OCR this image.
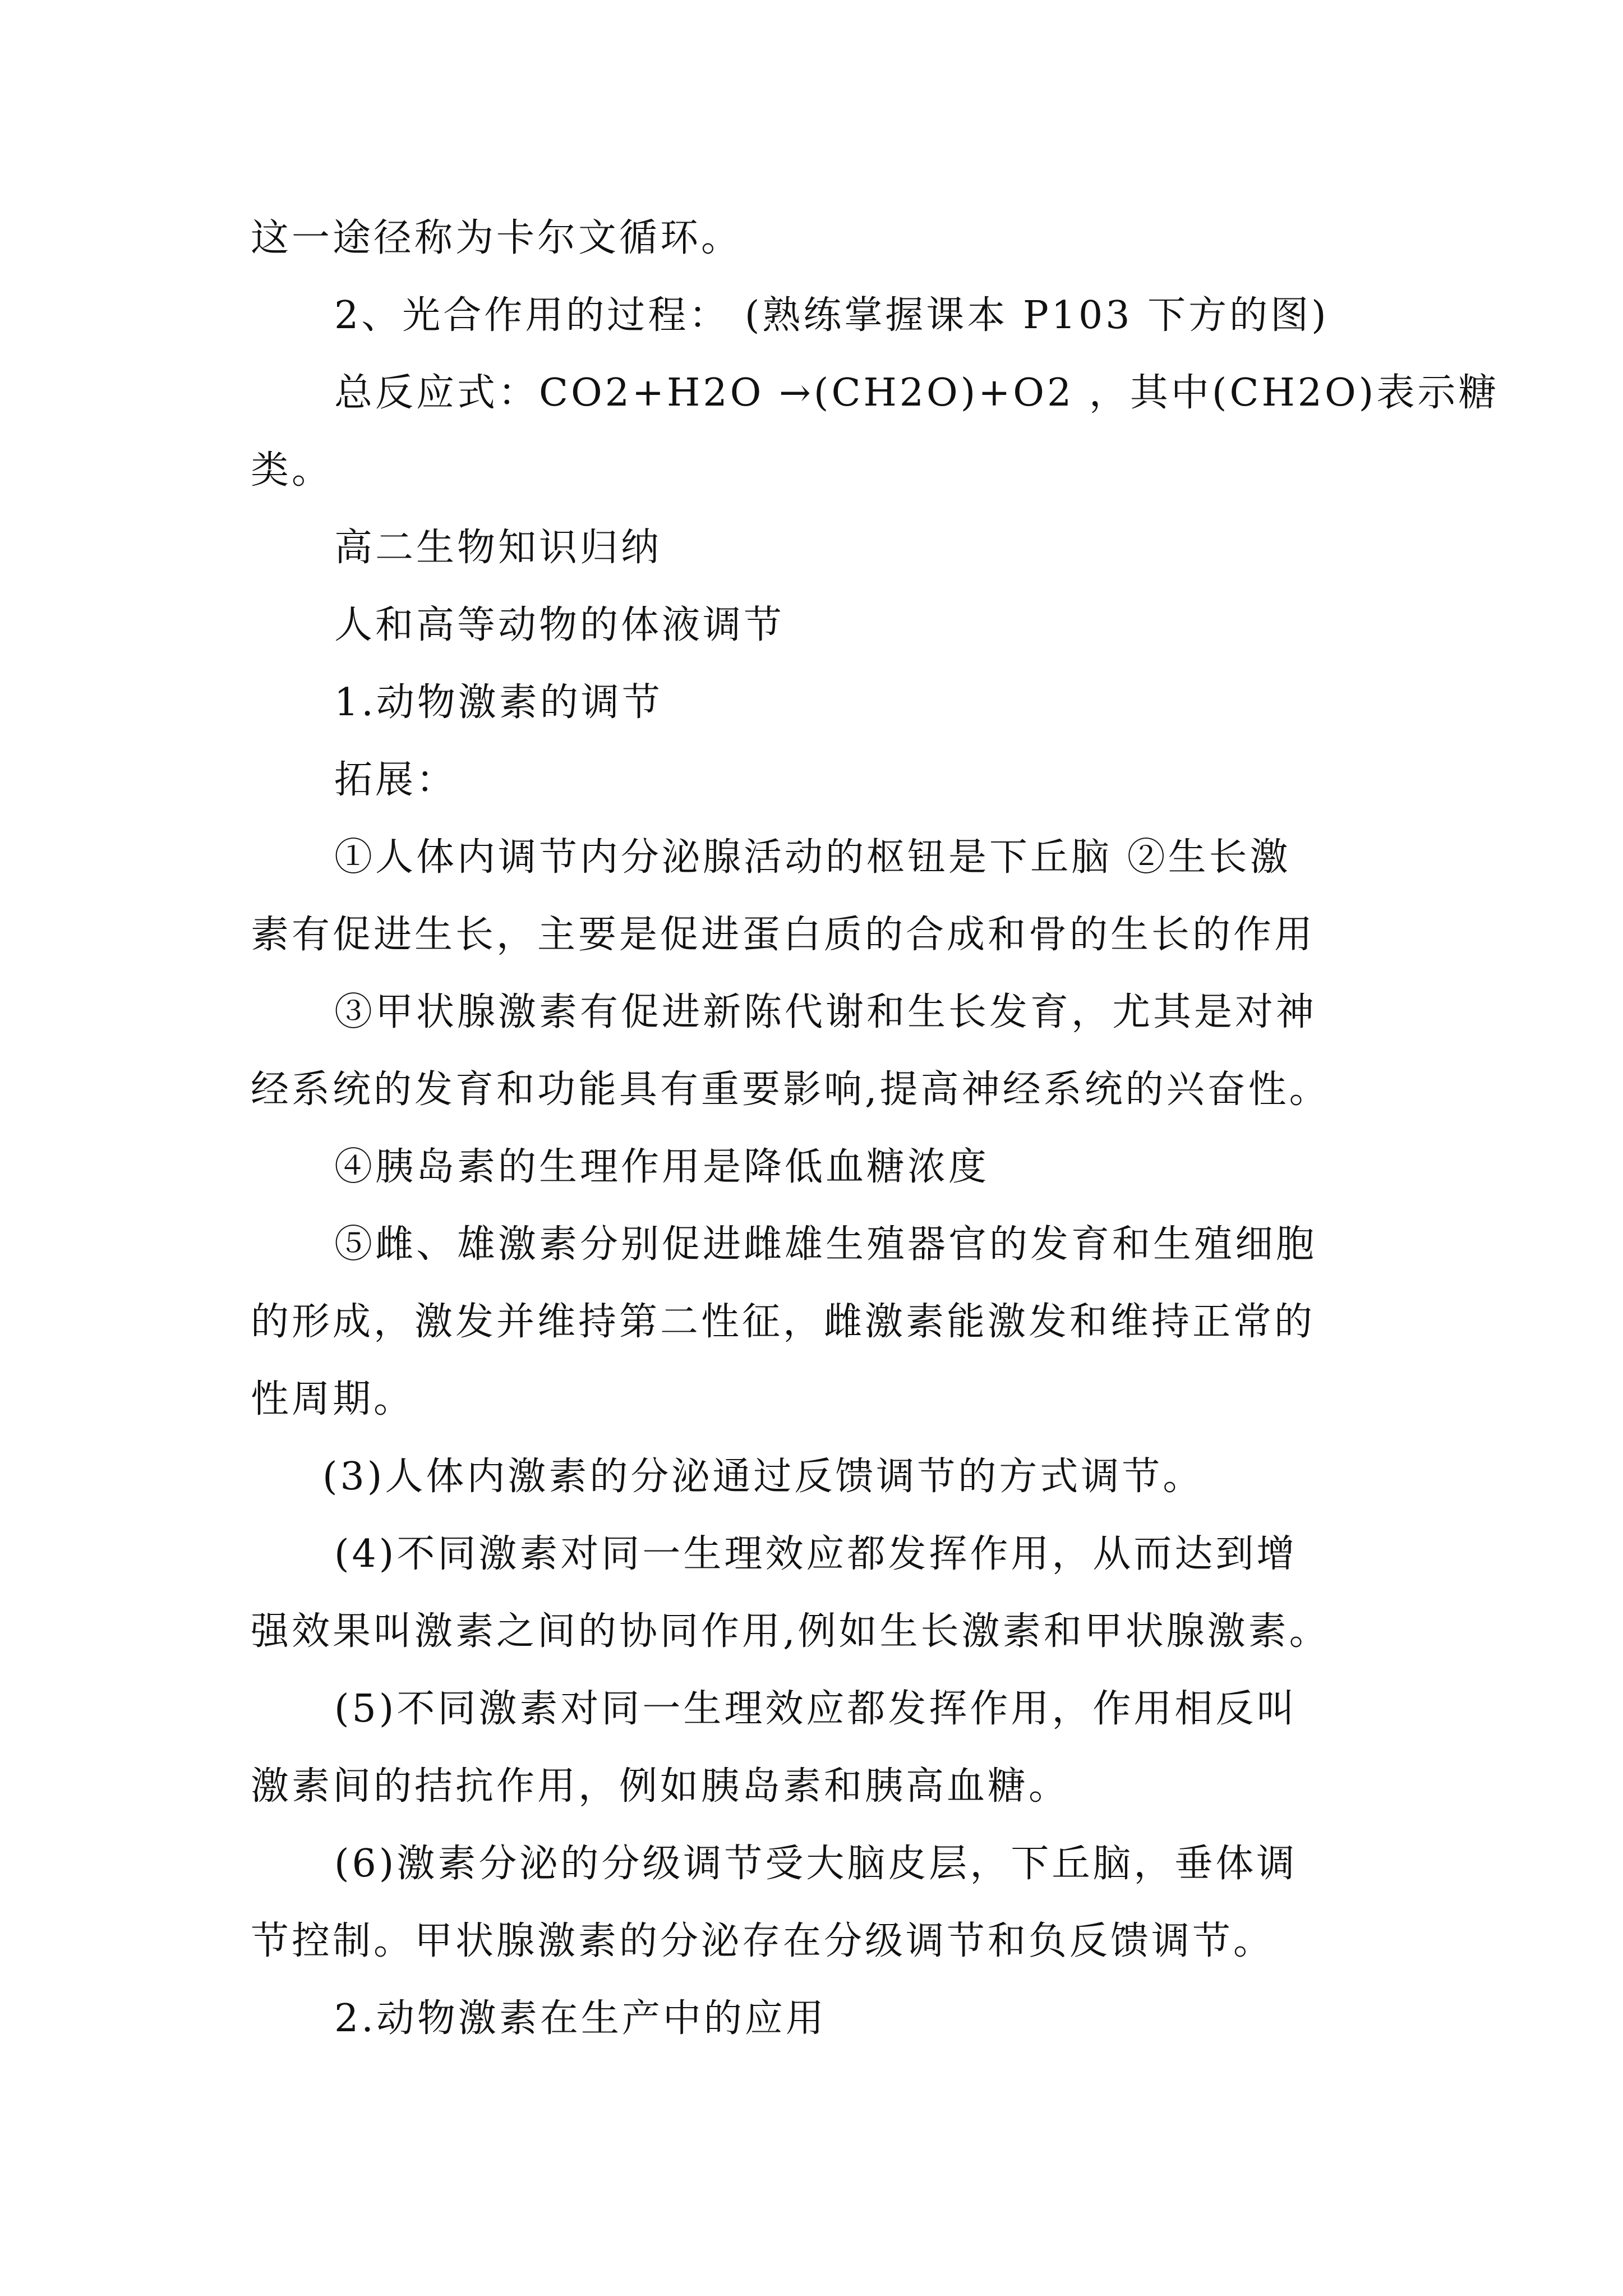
这一途径称为卡尔文循环。
2、光合作用的过程： (熟练掌握课本 P103 下方的图)
总反应式：CO2+H2O →(CH2O)+O2 ，其中(CH2O)表示糖
类。
高二生物知识归纳
人和高等动物的体液调节
1.动物激素的调节
拓展：
①人体内调节内分泌腺活动的枢钮是下丘脑 ②生长激
素有促进生长，主要是促进蛋白质的合成和骨的生长的作用
③甲状腺激素有促进新陈代谢和生长发育，尤其是对神
经系统的发育和功能具有重要影响,提高神经系统的兴奋性。
④胰岛素的生理作用是降低血糖浓度
⑤雌、雄激素分别促进雌雄生殖器官的发育和生殖细胞
的形成，激发并维持第二性征，雌激素能激发和维持正常的
性周期。
(3)人体内激素的分泌通过反馈调节的方式调节。
(4)不同激素对同一生理效应都发挥作用，从而达到增
强效果叫激素之间的协同作用,例如生长激素和甲状腺激素。
(5)不同激素对同一生理效应都发挥作用，作用相反叫
激素间的拮抗作用，例如胰岛素和胰高血糖。
(6)激素分泌的分级调节受大脑皮层，下丘脑，垂体调
节控制。甲状腺激素的分泌存在分级调节和负反馈调节。
2.动物激素在生产中的应用
